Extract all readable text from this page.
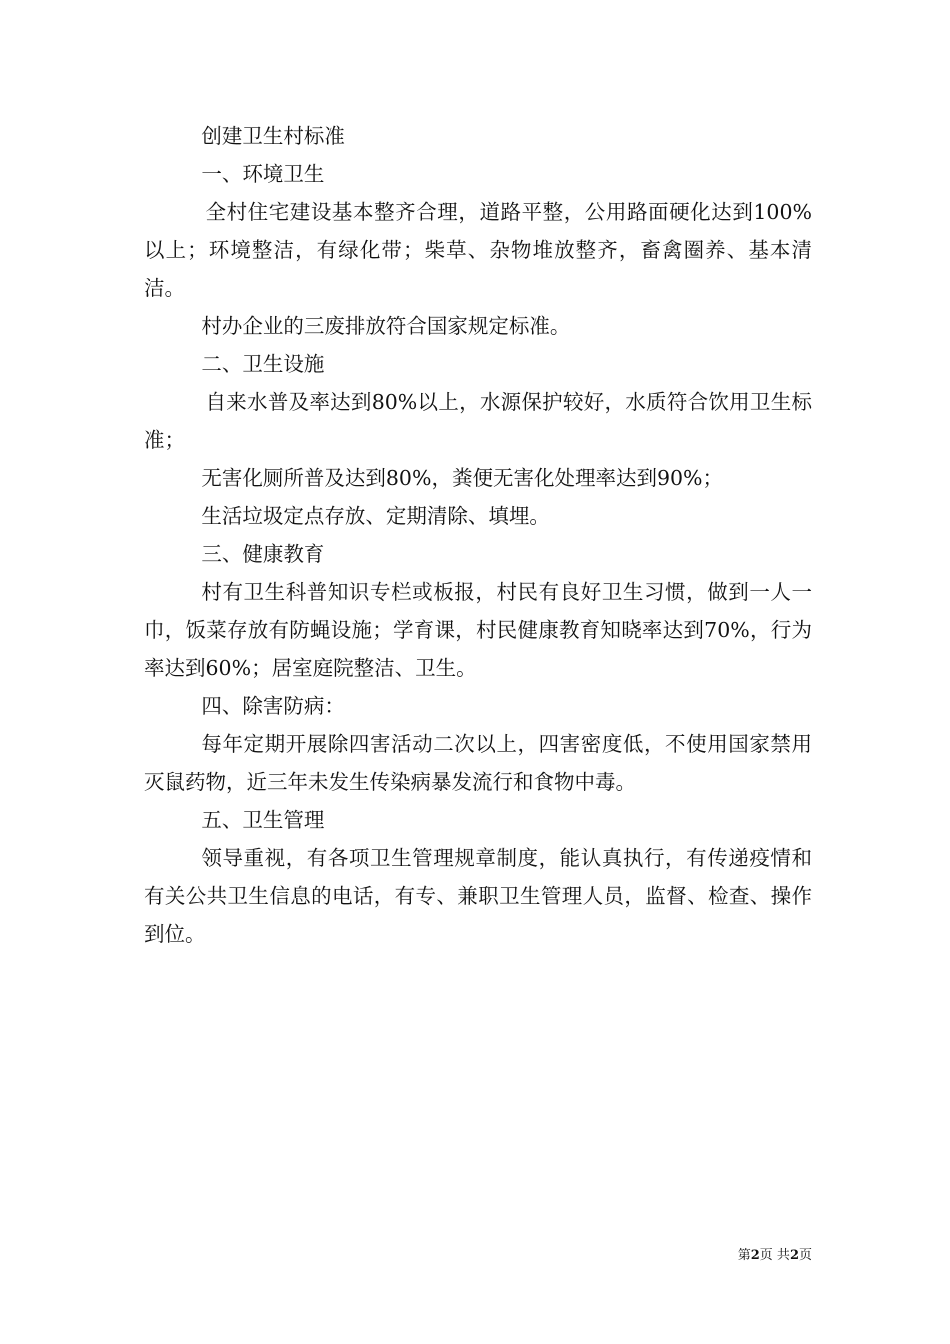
创建卫生村标准

一、环境卫生

全村住宅建设基本整齐合理，道路平整，公用路面硬化达到100%以上；环境整洁，有绿化带；柴草、杂物堆放整齐，畜禽圈养、基本清洁。

村办企业的三废排放符合国家规定标准。

二、卫生设施

自来水普及率达到80%以上，水源保护较好，水质符合饮用卫生标准；

无害化厕所普及达到80%，粪便无害化处理率达到90%；

生活垃圾定点存放、定期清除、填埋。

三、健康教育

村有卫生科普知识专栏或板报，村民有良好卫生习惯，做到一人一巾，饭菜存放有防蝇设施；学育课，村民健康教育知晓率达到70%，行为率达到60%；居室庭院整洁、卫生。

四、除害防病：

每年定期开展除四害活动二次以上，四害密度低，不使用国家禁用灭鼠药物，近三年未发生传染病暴发流行和食物中毒。

五、卫生管理

领导重视，有各项卫生管理规章制度，能认真执行，有传递疫情和有关公共卫生信息的电话，有专、兼职卫生管理人员，监督、检查、操作到位。

第2页 共2页
